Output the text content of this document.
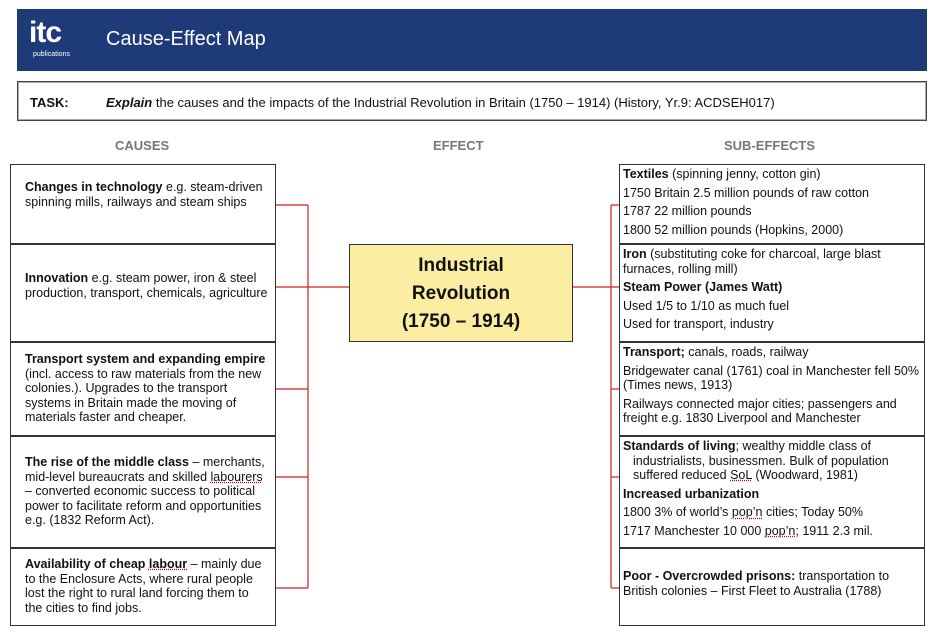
itc
publications
Cause-Effect Map
TASK:	Explain the causes and the impacts of the Industrial Revolution in Britain (1750 – 1914) (History, Yr.9: ACDSEH017)
CAUSES	EFFECT	SUB-EFFECTS
Changes in technology e.g. steam-driven spinning mills, railways and steam ships
Innovation e.g. steam power, iron & steel production, transport, chemicals, agriculture
Transport system and expanding empire (incl. access to raw materials from the new colonies.). Upgrades to the transport systems in Britain made the moving of materials faster and cheaper.
The rise of the middle class – merchants, mid-level bureaucrats and skilled labourers – converted economic success to political power to facilitate reform and opportunities e.g. (1832 Reform Act).
Availability of cheap labour – mainly due to the Enclosure Acts, where rural people lost the right to rural land forcing them to the cities to find jobs.
Industrial
Revolution
(1750 – 1914)

Textiles (spinning jenny, cotton gin)

1750 Britain 2.5 million pounds of raw cotton

1787 22 million pounds

1800 52 million pounds (Hopkins, 2000)

Iron (substituting coke for charcoal, large blast furnaces, rolling mill)

Steam Power (James Watt)

Used 1/5 to 1/10 as much fuel

Used for transport, industry

Transport; canals, roads, railway

Bridgewater canal (1761) coal in Manchester fell 50% (Times news, 1913)

Railways connected major cities; passengers and freight e.g. 1830 Liverpool and Manchester

Standards of living; wealthy middle class of industrialists, businessmen. Bulk of population suffered reduced SoL (Woodward, 1981)

Increased urbanization

1800 3% of world’s pop’n cities; Today 50%

1717 Manchester 10 000 pop’n; 1911 2.3 mil.

Poor - Overcrowded prisons: transportation to British colonies – First Fleet to Australia (1788)
